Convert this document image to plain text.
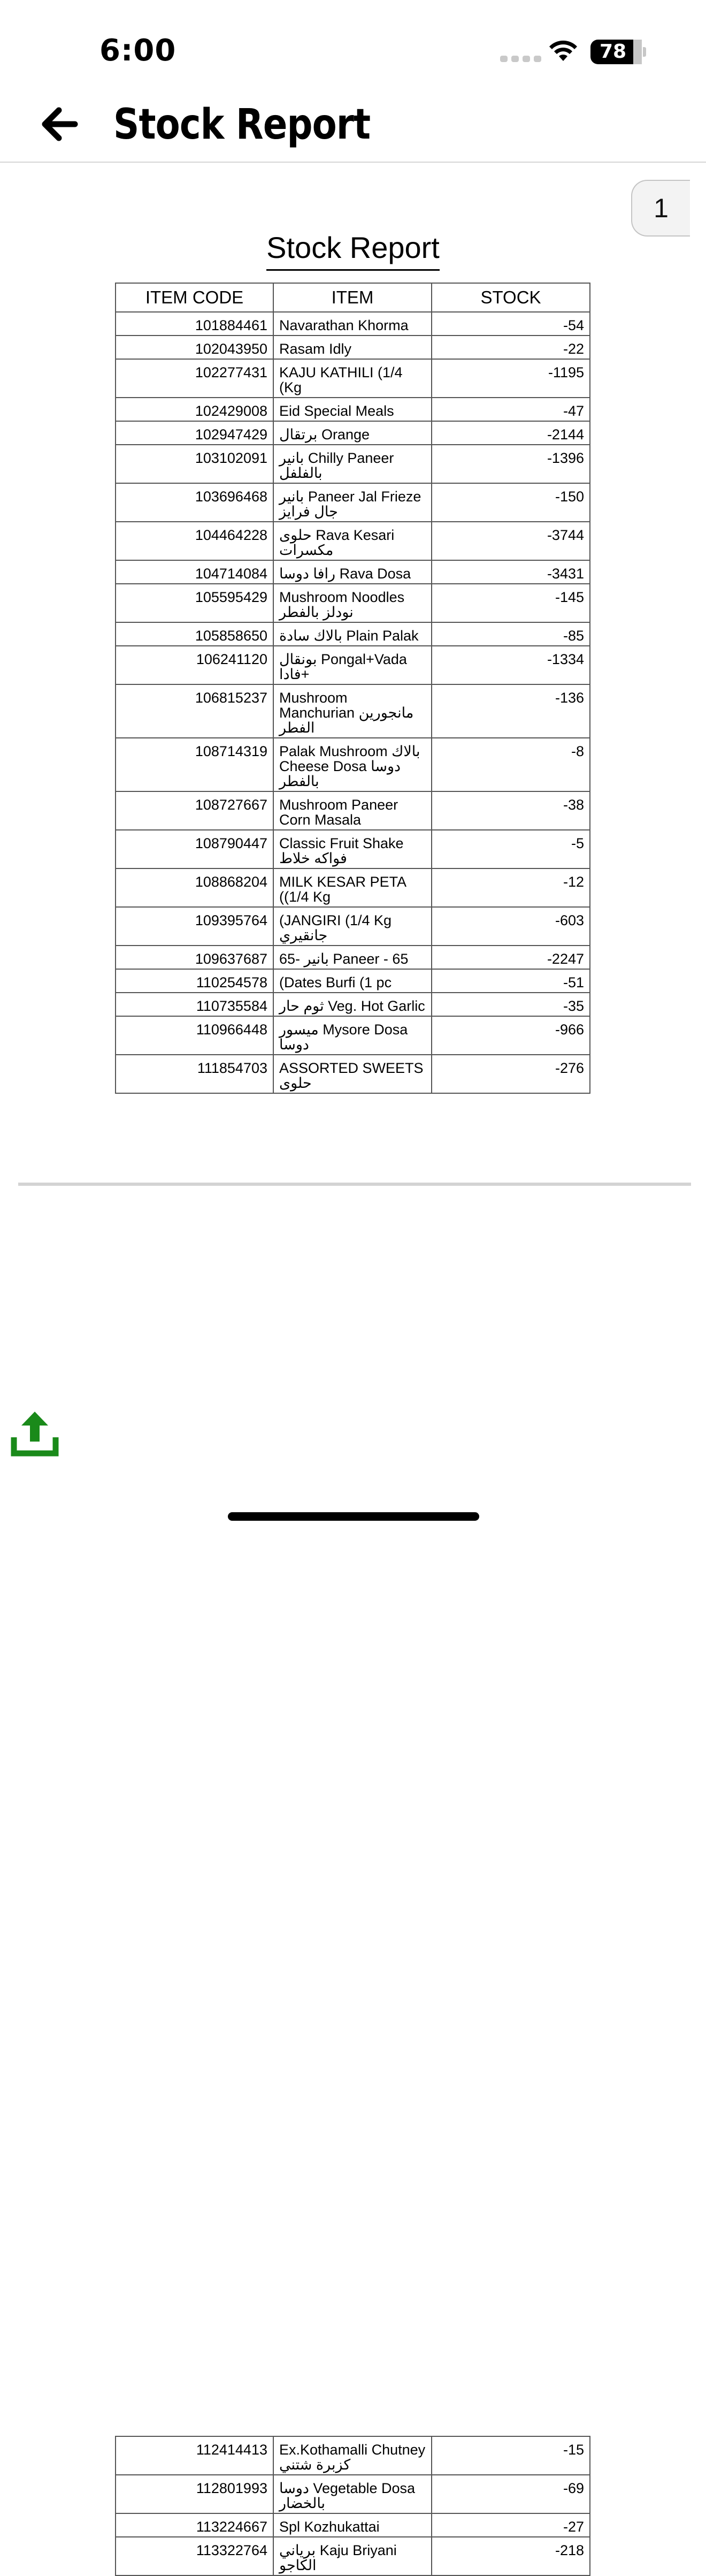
6:00	78
Stock Report
1
Stock Report
ITEM CODE	ITEM	STOCK
101884461	Navarathan Khorma	-54
102043950	Rasam Idly	-22
102277431	KAJU KATHILI (1/4 (Kg	-1195
102429008	Eid Special Meals	-47
102947429	برتقال Orange	-2144
103102091	بانير Chilly Paneer بالفلفل	-1396
103696468	بانير Paneer Jal Frieze جال فرايز	-150
104464228	حلوى Rava Kesari مكسرات	-3744
104714084	رافا دوسا Rava Dosa	-3431
105595429	Mushroom Noodles نودلز بالفطر	-145
105858650	بالاك سادة Plain Palak	-85
106241120	بونقال Pongal+Vada فادا+	-1334
106815237	Mushroom Manchurian مانجورين الفطر	-136
108714319	Palak Mushroom بالاك Cheese Dosa دوسا بالفطر	-8
108727667	Mushroom Paneer Corn Masala	-38
108790447	Classic Fruit Shake فواكه خلاط	-5
108868204	MILK KESAR PETA ((1/4 Kg	-12
109395764	(JANGIRI (1/4 Kg جانقيري	-603
109637687	بانير -65 Paneer - 65	-2247
110254578	(Dates Burfi (1 pc	-51
110735584	ثوم حار Veg. Hot Garlic	-35
110966448	ميسور Mysore Dosa دوسا	-966
111854703	ASSORTED SWEETS حلوى	-276
112414413	Ex.Kothamalli Chutney كزبرة شتني	-15
112801993	دوسا Vegetable Dosa بالخضار	-69
113224667	Spl Kozhukattai	-27
113322764	برياني Kaju Briyani الكاجو	-218
